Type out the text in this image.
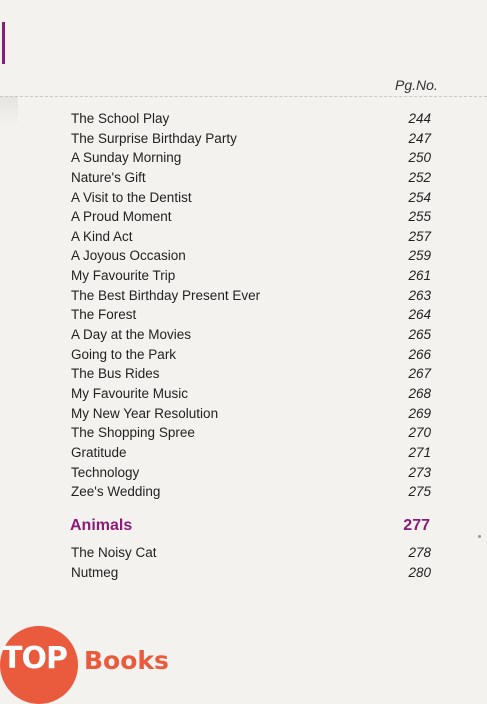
Pg.No.
The School Play	244
The Surprise Birthday Party	247
A Sunday Morning	250
Nature's Gift	252
A Visit to the Dentist	254
A Proud Moment	255
A Kind Act	257
A Joyous Occasion	259
My Favourite Trip	261
The Best Birthday Present Ever	263
The Forest	264
A Day at the Movies	265
Going to the Park	266
The Bus Rides	267
My Favourite Music	268
My New Year Resolution	269
The Shopping Spree	270
Gratitude	271
Technology	273
Zee's Wedding	275
Animals	277
The Noisy Cat	278
Nutmeg	280
TOP Books
